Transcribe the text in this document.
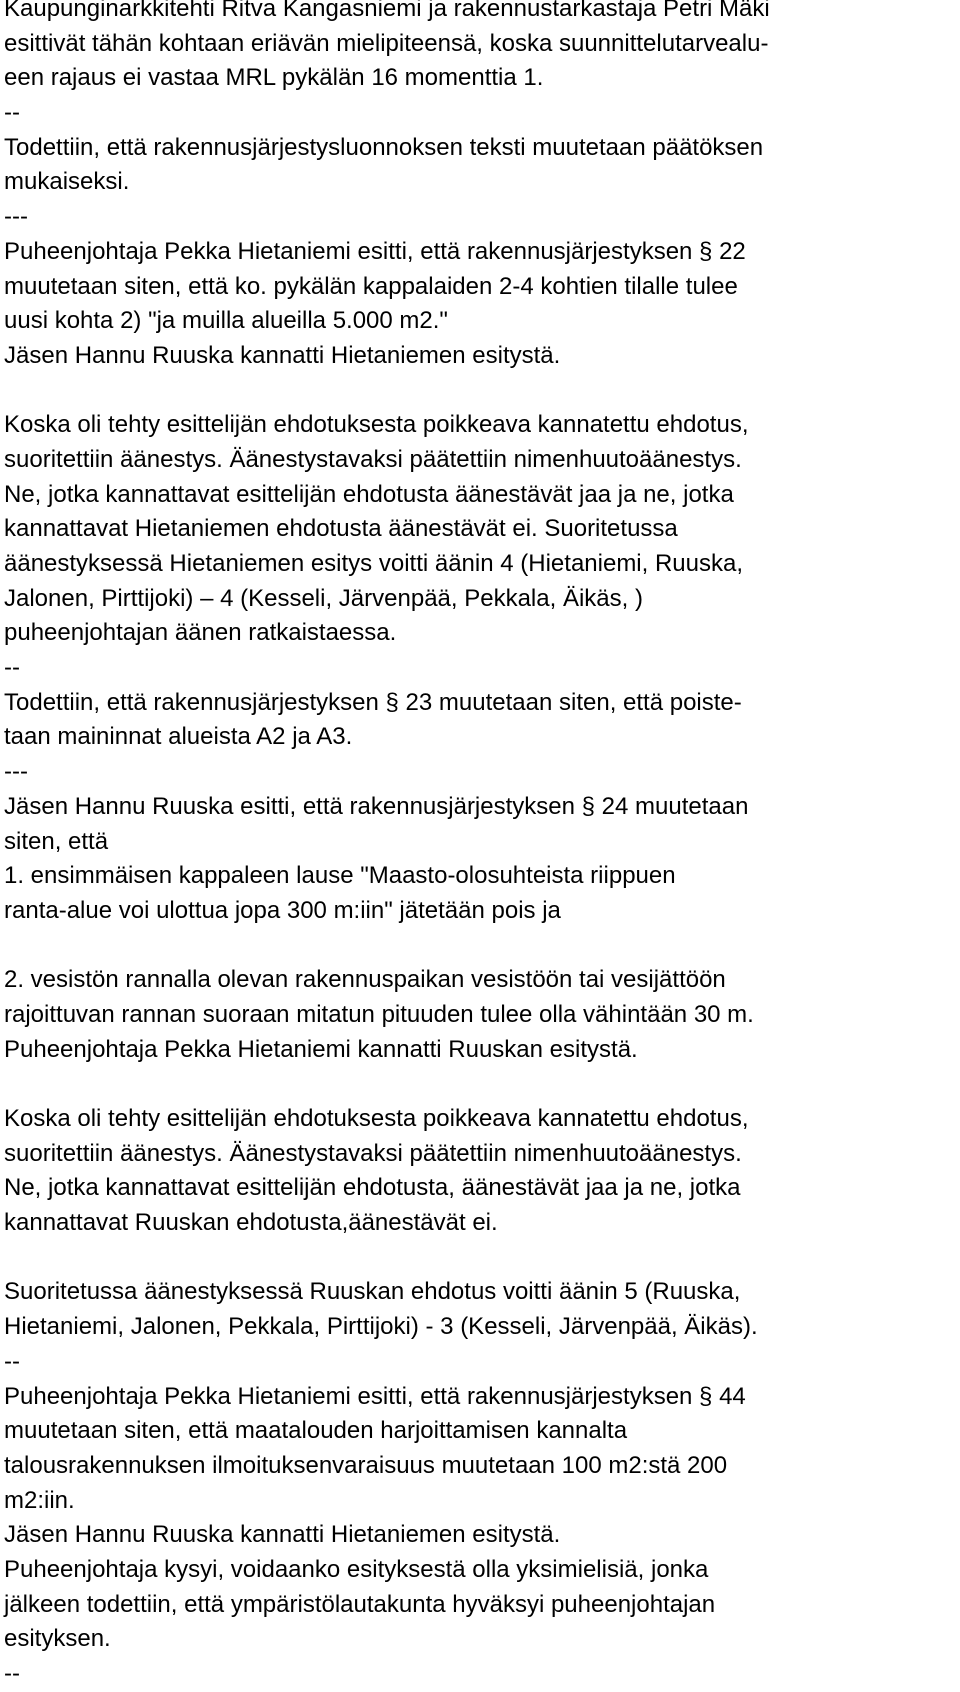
Kaupunginarkkitehti Ritva Kangasniemi ja rakennustarkastaja Petri Mäki
esittivät tähän kohtaan eriävän mielipiteensä, koska suunnittelutarvealu-
een rajaus ei vastaa MRL pykälän 16 momenttia 1.
--
Todettiin, että rakennusjärjestysluonnoksen teksti muutetaan päätöksen
mukaiseksi.
---
Puheenjohtaja Pekka Hietaniemi esitti, että rakennusjärjestyksen § 22
muutetaan siten, että ko. pykälän kappalaiden 2-4 kohtien tilalle tulee
uusi kohta 2) "ja muilla alueilla 5.000 m2."
Jäsen Hannu Ruuska kannatti Hietaniemen esitystä.
Koska oli tehty esittelijän ehdotuksesta poikkeava kannatettu ehdotus,
suoritettiin äänestys. Äänestystavaksi päätettiin nimenhuutoäänestys.
Ne, jotka kannattavat esittelijän ehdotusta äänestävät jaa ja ne, jotka
kannattavat Hietaniemen ehdotusta äänestävät ei. Suoritetussa
äänestyksessä Hietaniemen esitys voitti äänin 4 (Hietaniemi, Ruuska,
Jalonen, Pirttijoki) – 4 (Kesseli, Järvenpää, Pekkala, Äikäs, )
puheenjohtajan äänen ratkaistaessa.
--
Todettiin, että rakennusjärjestyksen § 23 muutetaan siten, että poiste-
taan maininnat alueista A2 ja A3.
---
Jäsen Hannu Ruuska esitti, että rakennusjärjestyksen § 24 muutetaan
siten, että
1. ensimmäisen kappaleen lause "Maasto-olosuhteista riippuen
ranta-alue voi ulottua jopa 300 m:iin" jätetään pois ja
2. vesistön rannalla olevan rakennuspaikan vesistöön tai vesijättöön
rajoittuvan rannan suoraan mitatun pituuden tulee olla vähintään 30 m.
Puheenjohtaja Pekka Hietaniemi kannatti Ruuskan esitystä.
Koska oli tehty esittelijän ehdotuksesta poikkeava kannatettu ehdotus,
suoritettiin äänestys. Äänestystavaksi päätettiin nimenhuutoäänestys.
Ne, jotka kannattavat esittelijän ehdotusta, äänestävät jaa ja ne, jotka
kannattavat Ruuskan ehdotusta,äänestävät ei.
Suoritetussa äänestyksessä Ruuskan ehdotus voitti äänin 5 (Ruuska,
Hietaniemi, Jalonen, Pekkala, Pirttijoki) - 3 (Kesseli, Järvenpää, Äikäs).
--
Puheenjohtaja Pekka Hietaniemi esitti, että rakennusjärjestyksen § 44
muutetaan siten, että maatalouden harjoittamisen kannalta
talousrakennuksen ilmoituksenvaraisuus muutetaan 100 m2:stä 200
m2:iin.
Jäsen Hannu Ruuska kannatti Hietaniemen esitystä.
Puheenjohtaja kysyi, voidaanko esityksestä olla yksimielisiä, jonka
jälkeen todettiin, että ympäristölautakunta hyväksyi puheenjohtajan
esityksen.
--
